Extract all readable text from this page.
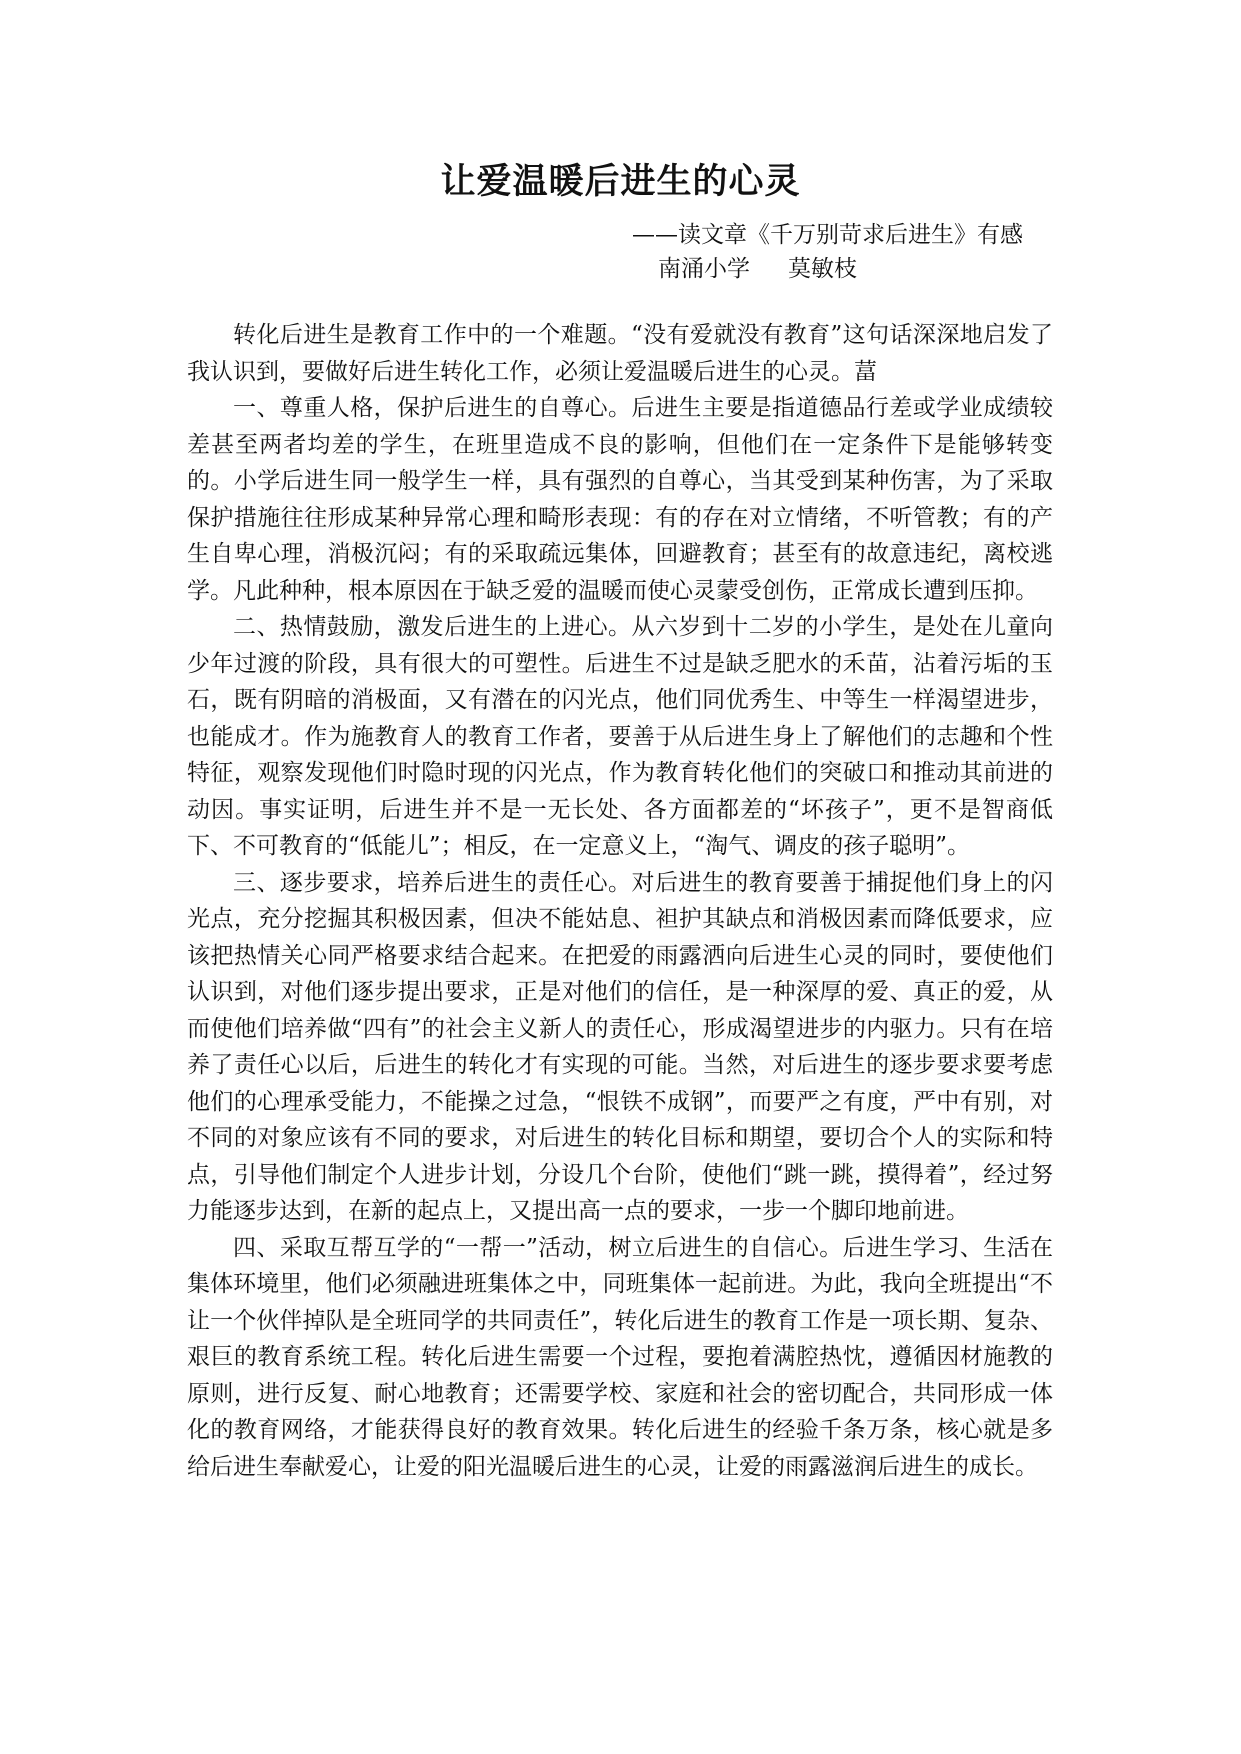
让爱温暖后进生的心灵
——读文章《千万别苛求后进生》有感
南涌小学 莫敏枝

转化后进生是教育工作中的一个难题。“没有爱就没有教育”这句话深深地启发了我认识到，要做好后进生转化工作，必须让爱温暖后进生的心灵。葍

一、尊重人格，保护后进生的自尊心。后进生主要是指道德品行差或学业成绩较差甚至两者均差的学生，在班里造成不良的影响，但他们在一定条件下是能够转变的。小学后进生同一般学生一样，具有强烈的自尊心，当其受到某种伤害，为了采取保护措施往往形成某种异常心理和畸形表现：有的存在对立情绪，不听管教；有的产生自卑心理，消极沉闷；有的采取疏远集体，回避教育；甚至有的故意违纪，离校逃学。凡此种种，根本原因在于缺乏爱的温暖而使心灵蒙受创伤，正常成长遭到压抑。

二、热情鼓励，激发后进生的上进心。从六岁到十二岁的小学生，是处在儿童向少年过渡的阶段，具有很大的可塑性。后进生不过是缺乏肥水的禾苗，沾着污垢的玉石，既有阴暗的消极面，又有潜在的闪光点，他们同优秀生、中等生一样渴望进步，也能成才。作为施教育人的教育工作者，要善于从后进生身上了解他们的志趣和个性特征，观察发现他们时隐时现的闪光点，作为教育转化他们的突破口和推动其前进的动因。事实证明，后进生并不是一无长处、各方面都差的“坏孩子”，更不是智商低下、不可教育的“低能儿”；相反，在一定意义上，“淘气、调皮的孩子聪明”。

三、逐步要求，培养后进生的责任心。对后进生的教育要善于捕捉他们身上的闪光点，充分挖掘其积极因素，但决不能姑息、袒护其缺点和消极因素而降低要求，应该把热情关心同严格要求结合起来。在把爱的雨露洒向后进生心灵的同时，要使他们认识到，对他们逐步提出要求，正是对他们的信任，是一种深厚的爱、真正的爱，从而使他们培养做“四有”的社会主义新人的责任心，形成渴望进步的内驱力。只有在培养了责任心以后，后进生的转化才有实现的可能。当然，对后进生的逐步要求要考虑他们的心理承受能力，不能操之过急，“恨铁不成钢”，而要严之有度，严中有别，对不同的对象应该有不同的要求，对后进生的转化目标和期望，要切合个人的实际和特点，引导他们制定个人进步计划，分设几个台阶，使他们“跳一跳，摸得着”，经过努力能逐步达到，在新的起点上，又提出高一点的要求，一步一个脚印地前进。

四、采取互帮互学的“一帮一”活动，树立后进生的自信心。后进生学习、生活在集体环境里，他们必须融进班集体之中，同班集体一起前进。为此，我向全班提出“不让一个伙伴掉队是全班同学的共同责任”，转化后进生的教育工作是一项长期、复杂、艰巨的教育系统工程。转化后进生需要一个过程，要抱着满腔热忱，遵循因材施教的原则，进行反复、耐心地教育；还需要学校、家庭和社会的密切配合，共同形成一体化的教育网络，才能获得良好的教育效果。转化后进生的经验千条万条，核心就是多给后进生奉献爱心，让爱的阳光温暖后进生的心灵，让爱的雨露滋润后进生的成长。
